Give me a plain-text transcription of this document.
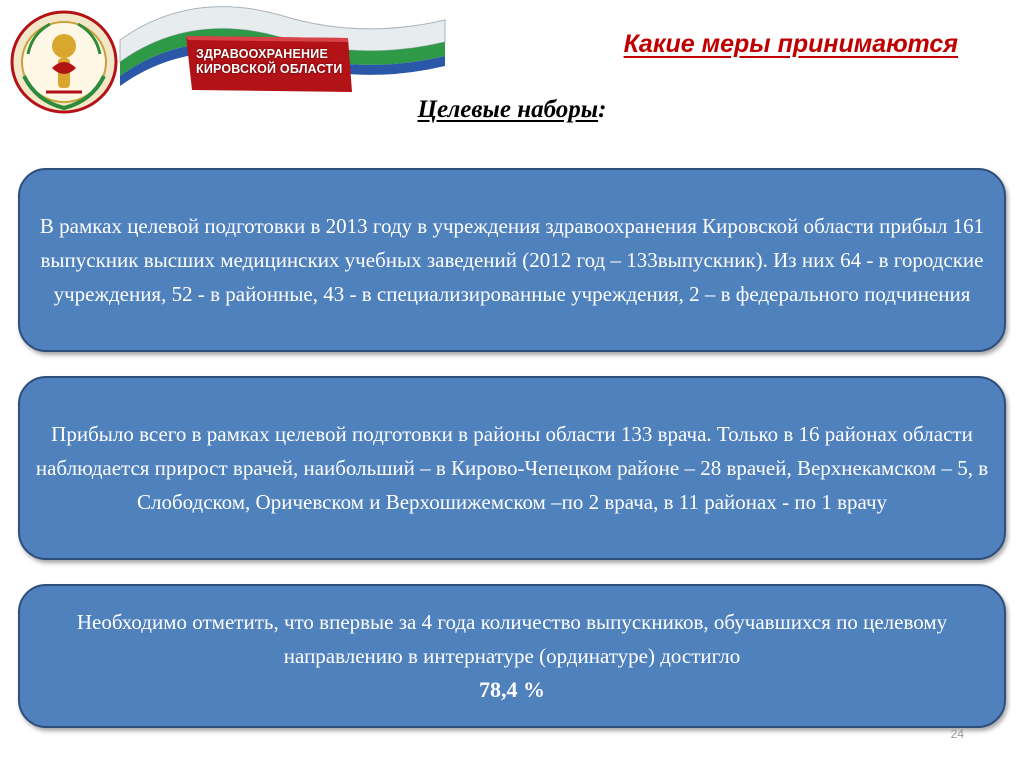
ЗДРАВООХРАНЕНИЕ
КИРОВСКОЙ ОБЛАСТИ
Какие меры принимаются
Целевые наборы:
В рамках целевой подготовки в 2013 году в учреждения здравоохранения Кировской области прибыл 161 выпускник высших медицинских учебных заведений (2012 год – 133выпускник). Из них 64 - в городские учреждения, 52 - в районные, 43 - в специализированные учреждения, 2 – в федерального подчинения
Прибыло всего в рамках целевой подготовки в районы области 133 врача. Только в 16 районах области наблюдается прирост врачей, наибольший – в Кирово-Чепецком районе – 28 врачей, Верхнекамском – 5, в Слободском, Оричевском и Верхошижемском –по 2 врача, в 11 районах - по 1 врачу
Необходимо отметить, что впервые за 4 года количество выпускников, обучавшихся по целевому направлению в интернатуре (ординатуре) достигло
78,4 %
24
